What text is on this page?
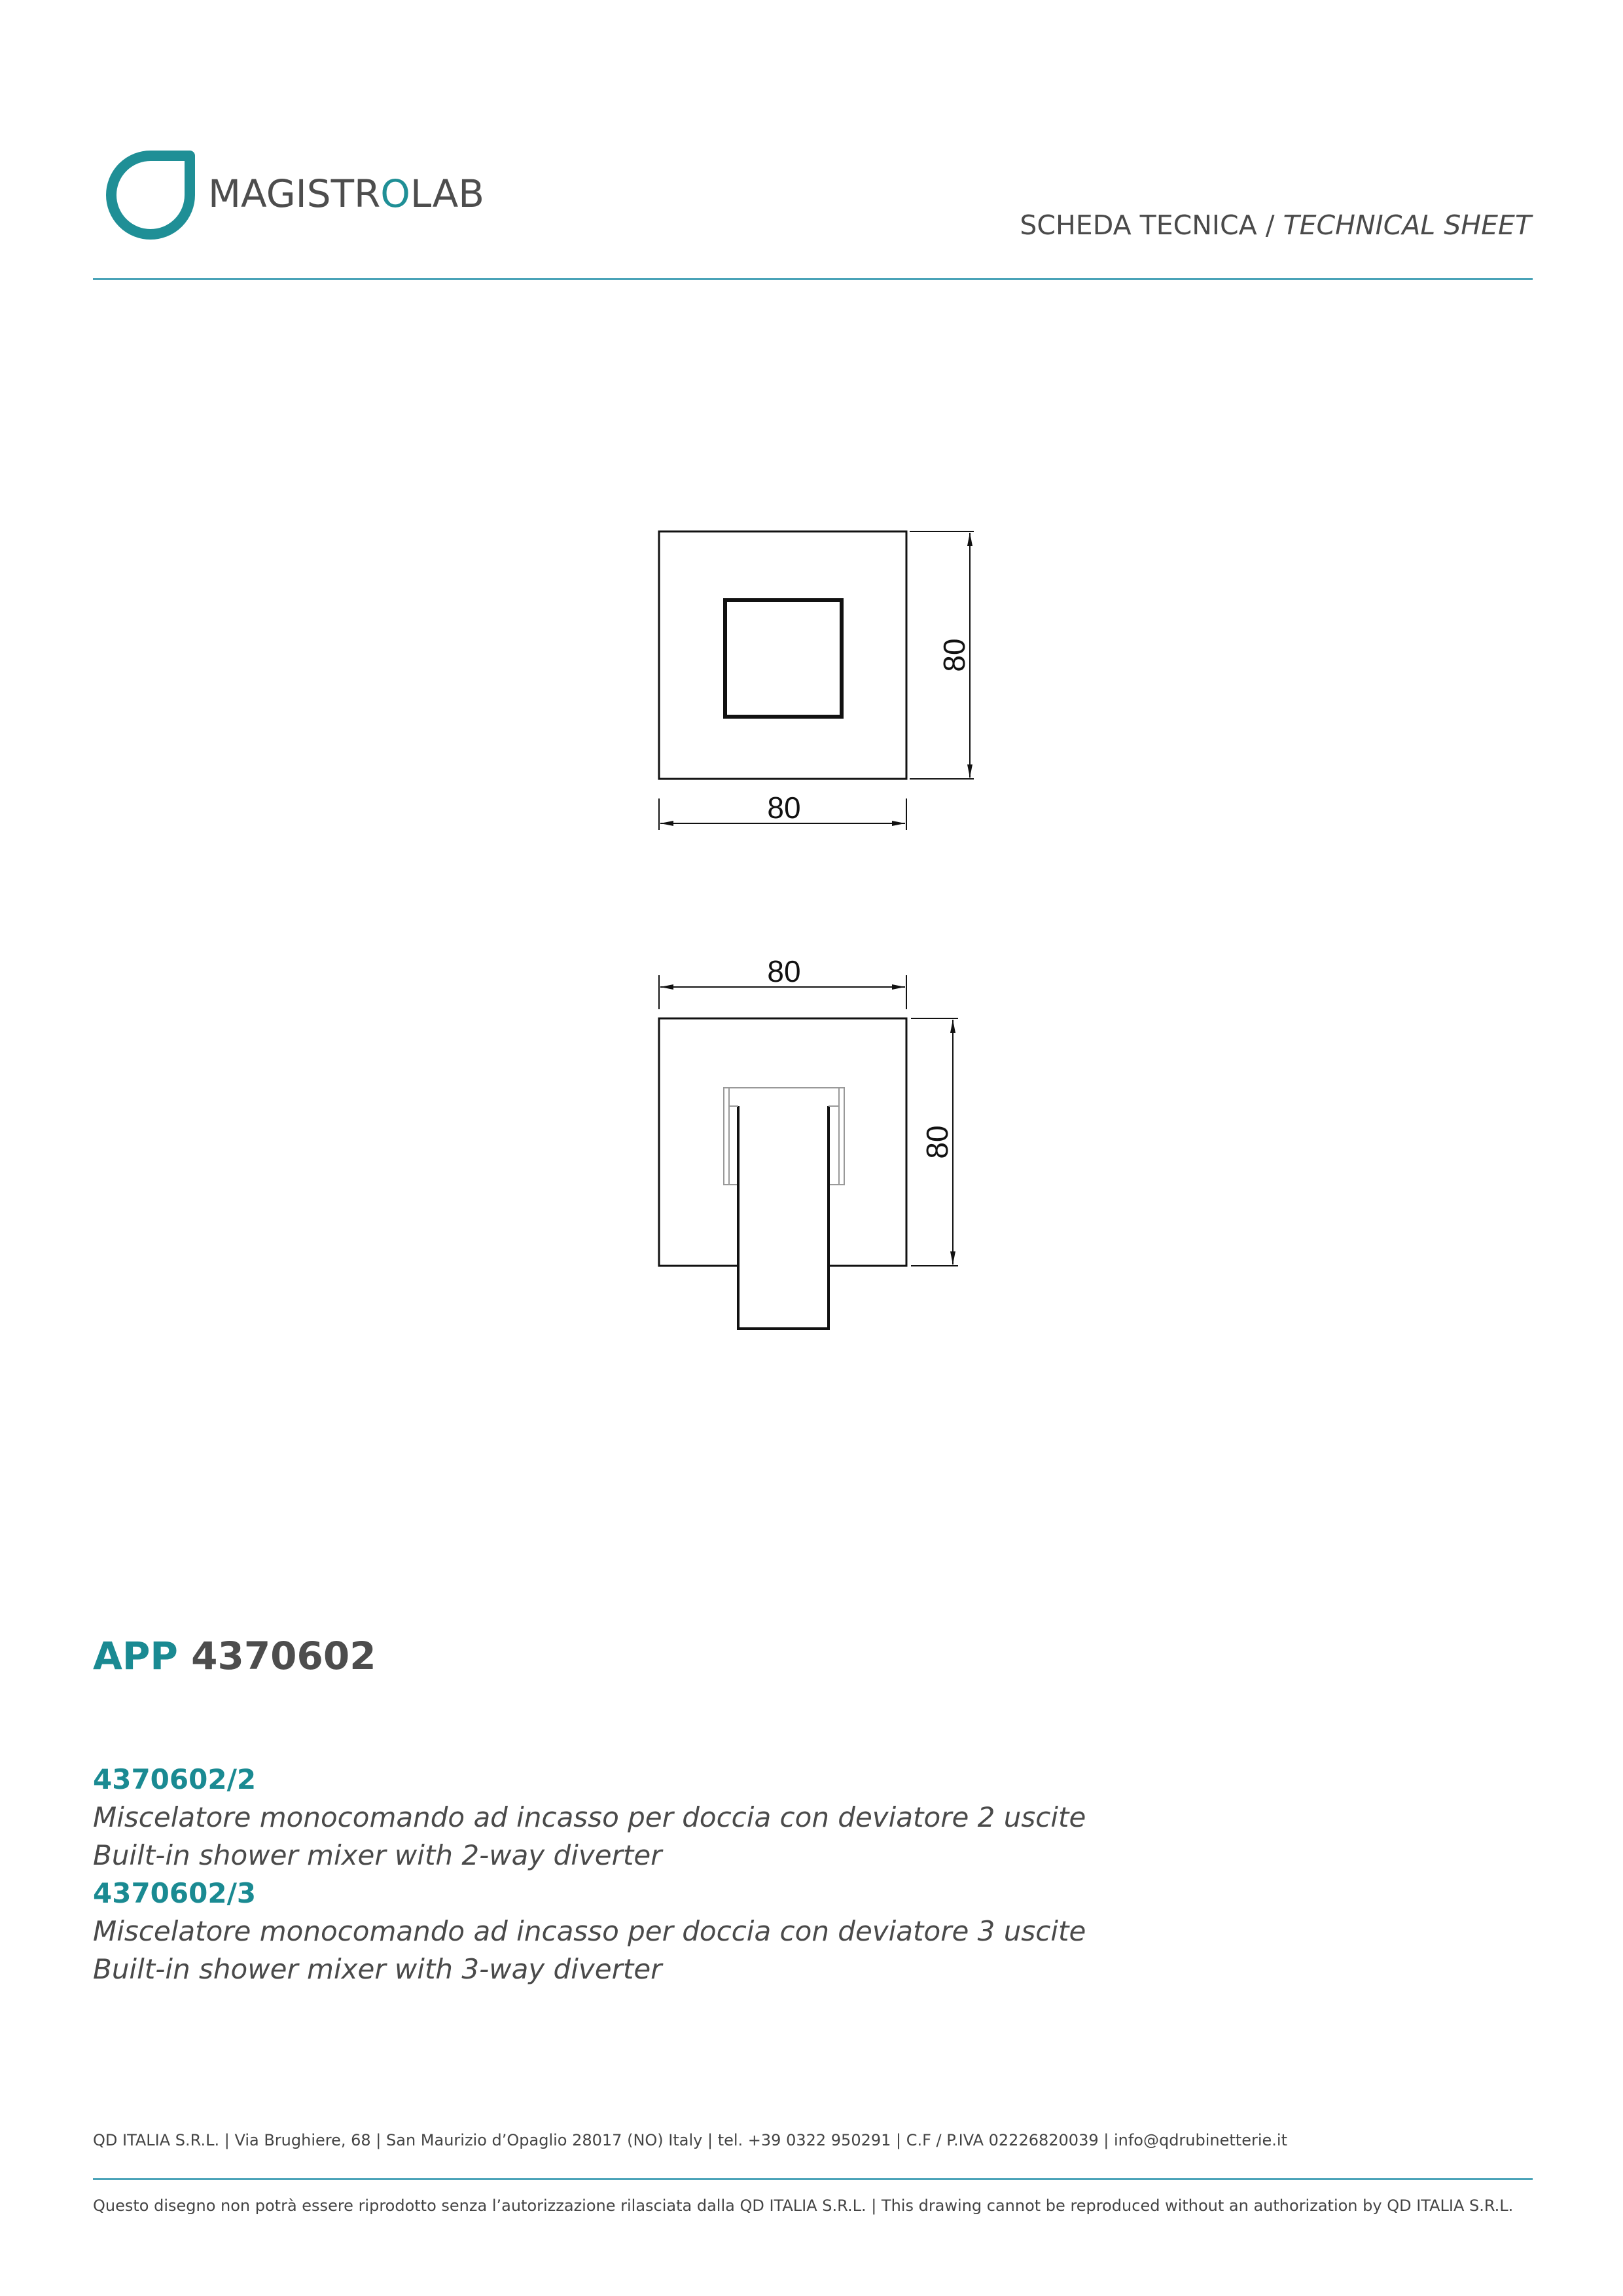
MAGISTROLAB
SCHEDA TECNICA / TECHNICAL SHEET
80
80
80
80
APP 4370602
4370602/2
Miscelatore monocomando ad incasso per doccia con deviatore 2 uscite
Built-in shower mixer with 2-way diverter
4370602/3
Miscelatore monocomando ad incasso per doccia con deviatore 3 uscite
Built-in shower mixer with 3-way diverter
QD ITALIA S.R.L. | Via Brughiere, 68 | San Maurizio d’Opaglio 28017 (NO) Italy | tel. +39 0322 950291 | C.F / P.IVA 02226820039 | info@qdrubinetterie.it
Questo disegno non potrà essere riprodotto senza l’autorizzazione rilasciata dalla QD ITALIA S.R.L. | This drawing cannot be reproduced without an authorization by QD ITALIA S.R.L.
